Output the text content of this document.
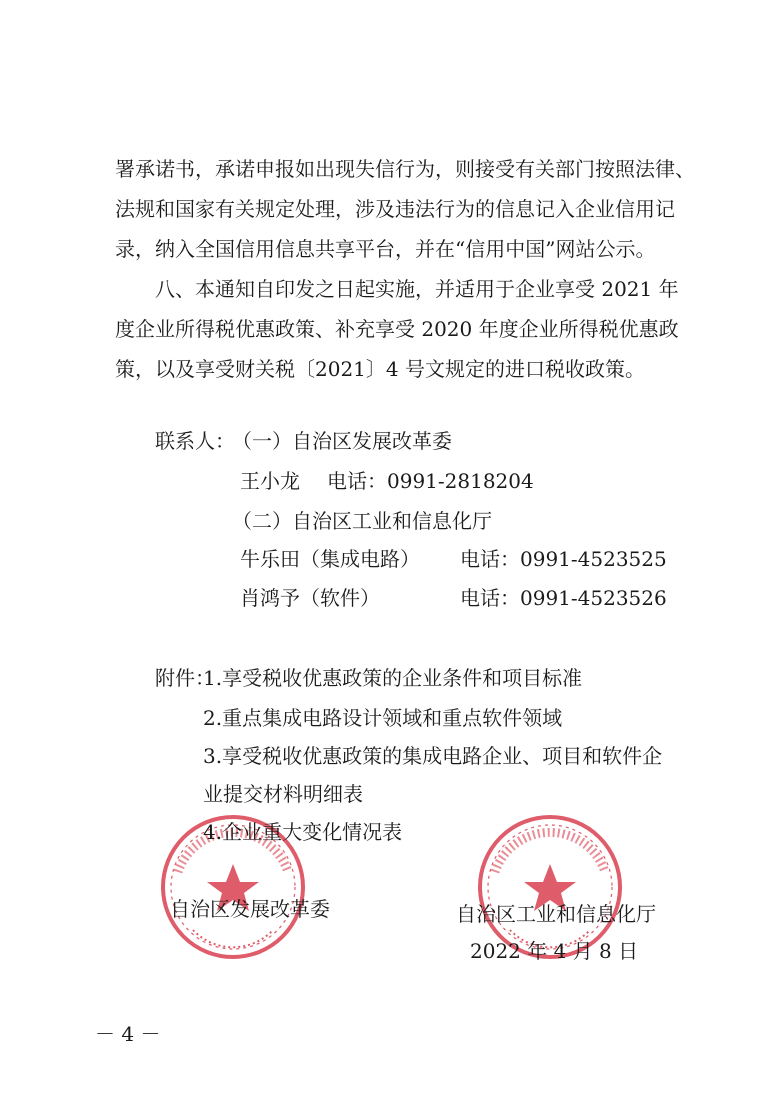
署承诺书，承诺申报如出现失信行为，则接受有关部门按照法律、
法规和国家有关规定处理，涉及违法行为的信息记入企业信用记
录，纳入全国信用信息共享平台，并在“信用中国”网站公示。
八、本通知自印发之日起实施，并适用于企业享受 2021 年
度企业所得税优惠政策、补充享受 2020 年度企业所得税优惠政
策，以及享受财关税〔2021〕4 号文规定的进口税收政策。
联系人：
（一）自治区发展改革委
王小龙 电话：0991-2818204
（二）自治区工业和信息化厅
牛乐田（集成电路） 电话：0991-4523525
肖鸿予（软件）	电话：0991-4523526
附件：
1.享受税收优惠政策的企业条件和项目标准
2.重点集成电路设计领域和重点软件领域
3.享受税收优惠政策的集成电路企业、项目和软件企
业提交材料明细表
4.企业重大变化情况表
自治区发展改革委	自治区工业和信息化厅
2022 年 4 月 8 日
－ 4 －
